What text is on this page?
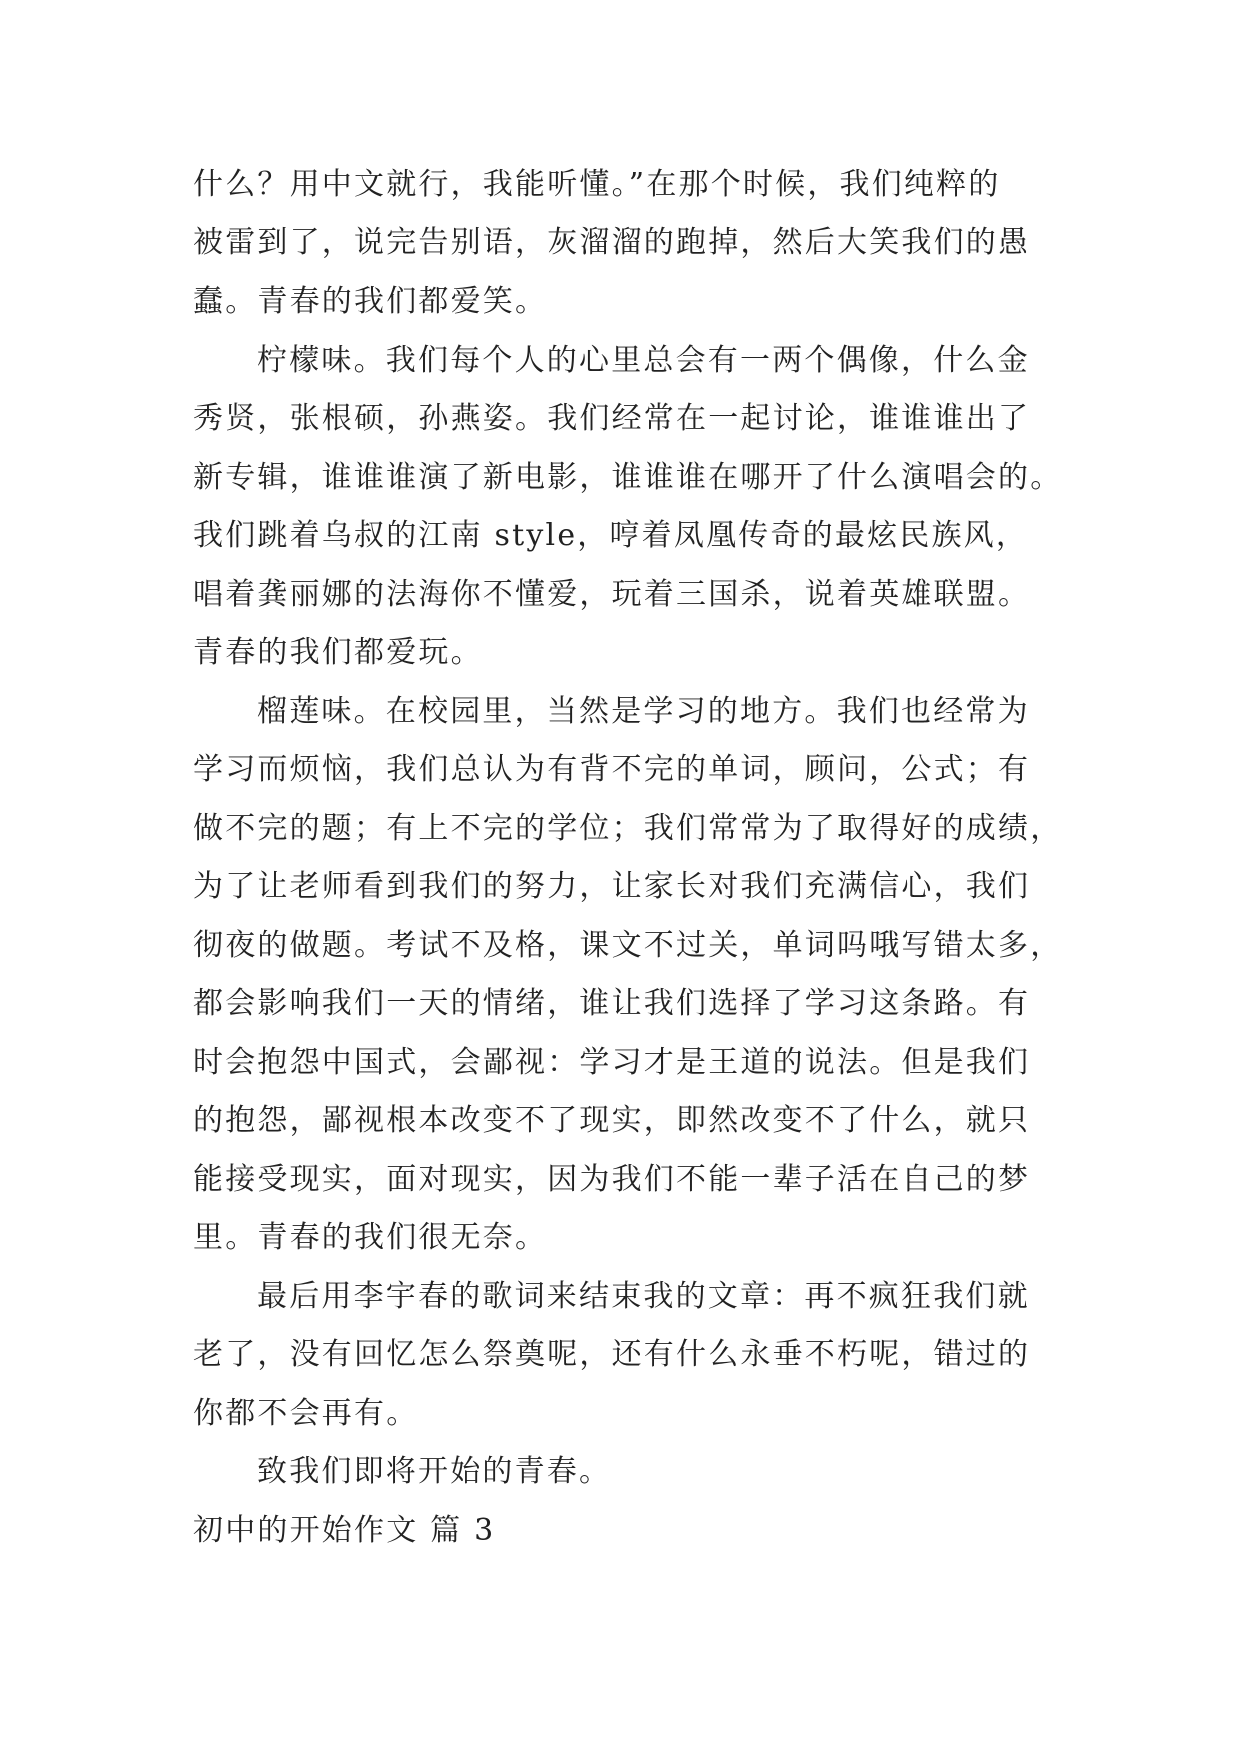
什么？用中文就行，我能听懂。”在那个时候，我们纯粹的
被雷到了，说完告别语，灰溜溜的跑掉，然后大笑我们的愚
蠢。青春的我们都爱笑。
柠檬味。我们每个人的心里总会有一两个偶像，什么金
秀贤，张根硕，孙燕姿。我们经常在一起讨论，谁谁谁出了
新专辑，谁谁谁演了新电影，谁谁谁在哪开了什么演唱会的。
我们跳着乌叔的江南 style，哼着凤凰传奇的最炫民族风，
唱着龚丽娜的法海你不懂爱，玩着三国杀，说着英雄联盟。
青春的我们都爱玩。
榴莲味。在校园里，当然是学习的地方。我们也经常为
学习而烦恼，我们总认为有背不完的单词，顾问，公式；有
做不完的题；有上不完的学位；我们常常为了取得好的成绩，
为了让老师看到我们的努力，让家长对我们充满信心，我们
彻夜的做题。考试不及格，课文不过关，单词吗哦写错太多，
都会影响我们一天的情绪，谁让我们选择了学习这条路。有
时会抱怨中国式，会鄙视：学习才是王道的说法。但是我们
的抱怨，鄙视根本改变不了现实，即然改变不了什么，就只
能接受现实，面对现实，因为我们不能一辈子活在自己的梦
里。青春的我们很无奈。
最后用李宇春的歌词来结束我的文章：再不疯狂我们就
老了，没有回忆怎么祭奠呢，还有什么永垂不朽呢，错过的
你都不会再有。
致我们即将开始的青春。
初中的开始作文 篇 3
